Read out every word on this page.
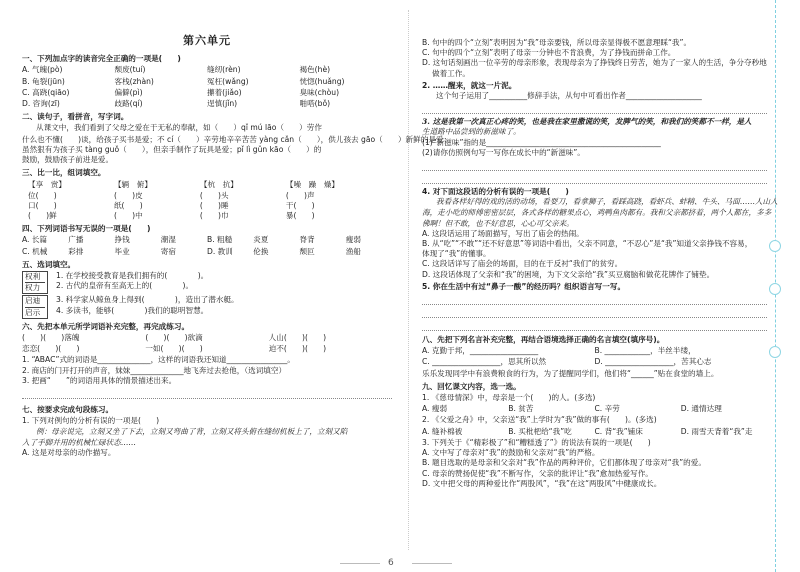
第六单元
一、下列加点字的读音完全正确的一项是(　　)
A. 气魄(pò)	颓废(tuí)	缝纫(rèn)	褐色(hè)
B. 龟裂(jūn)	客栈(zhàn)	冤枉(wǎng)	恍惚(huǎng)
C. 高跷(qiāo)	偏僻(pì)	攥着(jiǎo)	臭味(chòu)
D. 咨询(zī)	歧路(qí)	逞慎(jǐn)	啪嗒(bǒ)
二、读句子，看拼音，写字词。
从课文中，我们看到了父母之爱在于无私的奉献，如（　　）qǐ mú lāo（　　）劳作
什么也不懂(　　)谈，给孩子买书是爱；不 cí（　　）辛劳地辛辛苦苦 yàng cǎn（　　），供儿孩去 gāo（　　）新鲜的是爱；
虽然狠有为孩子买 tàng guǒ（　　），但亲手制作了玩具是爱；pǐ lì gǔn kāo（　　）的
鼓励，鼓励孩子前进是爱。
三、比一比，组词填空。
【享　赏】	【辆　俯】	【杭　抗】	【噪　躁　燥】
位(　　)	(　　)皮	(　　)头	(　　)声
口(　　)	纸(　　)	(　　)睡	干(　　)
(　　)鲜	(　　)中	(　　)巾	暴(　　)
四、下列词语书写无误的一项是(　　)
A. 长篇	广播	挣钱	潮湿	B. 粗糙	炎夏	脊背	瘦弱
C. 机械	彩排	毕业	寄宿	D. 教训	伦换	颓叵	渔船
五、选词填空。
权利
权力
1. 在学校接受教育是我们拥有的(　　　　)。
2. 古代的皇帝有至高无上的(　　　　)。
启迪
启示
3. 科学家从鲸鱼身上得到(　　　　)，造出了潜水艇。
4. 多读书，能够(　　　　)我们的聪明智慧。
六、先把本单元所学词语补充完整，再完成练习。
(　　)(　　)落魄	(　　)(　　)欲滴	人山(　　)(　　)
恋恋(　　)(　　)	一如(　　)(　　)	迫不(　　)(　　)
1. “ABAC”式的词语是______________，这样的词语我还知道________________。
2. 商店的门开打开的声音，妹妹______________地飞奔过去抢他，（选词填空）
3. 把画“　　”的词语用具体的情景描述出来。
七、按要求完成句段练习。
1. 下列对例句的分析有误的一项是(　　)
例：母亲说完，立刻又坐了下去，立刻又弯曲了背，立刻又将头俯在缝纫机板上了，立刻又陷
入了手脚并用的机械忙碌状态……
A. 这是对母亲的动作描写。
B. 句中的四个“立刻”表明因为“我”母亲要钱，所以母亲显得极不愿意理睬“我”。
C. 句中的四个“立刻”表明了母亲一分钟也不肯浪费，为了挣钱而拼命工作。
D. 这句话刻画出一位辛劳的母亲形象，表现母亲为了挣钱终日劳苦，她为了一家人的生活，争分夺秒地
做着工作。
2. ……醒来，就这一片泥。
这个句子运用了__________修辞手法，从句中可看出作者____________________
3. 这是我第一次真正心疼的笑，也是我在家里撒谎的笑，发脾气的笑，和我们的笑都不一样，是人
生道路中品尝到的新滋味了。
(1)“新滋味”指的是______________________________________________
(2)请你仿照例句写一写你在成长中的“新滋味”。
4. 对下面这段话的分析有误的一项是(　　)
我看各样好得的戏的活的动场，看耍刀，看拿狮子，看踩高跷，看虾兵、蚌精、牛头、马面……人山人
海，走小吃的师傅密密层层，各式各样的糖果点心，鸡鸭鱼肉都有。我和父亲都挤着，两个人都在，多多
佛啊！但不敢，也不好意思，心心可父亲来。
A. 这段话运用了场面描写，写出了庙会的热闹。
B. 从“吃”“不敢”“还不好意思”等词语中看出，父亲不同意，“不忍心”是“我”知道父亲挣钱不容易，
体现了“我”的懂事。
C. 这段话详写了庙会的场面，目的在于反衬“我们”的贫穷。
D. 这段话体现了父亲和“我”的困境，为下文父亲给“我”买豆腐脑和做花花牌作了铺垫。
5. 你在生活中有过“鼻子一酸”的经历吗？组织语言写一写。
八、先把下列名言补充完整，再结合语境选择正确的名言填空(填序号)。
A. 克勤于邦，__________________	B. ____________，半丝半缕，
C. __________________，思其所以然	D. __________________，苦其心志
乐乐发现同学中有浪费粮食的行为，为了提醒同学们，他们将“______”贴在食堂的墙上。
九、回忆课文内容，选一选。
1. 《慈母情深》中，母亲是一个(　　)的人。(多选)
A. 瘦弱	B. 贫苦	C. 辛劳	D. 通情达理
2. 《父爱之舟》中，父亲送“我”上学时为“我”做的事有(　　)。(多选)
A. 缝补棉被	B. 买枇杷给“我”吃	C. 背“我”铺床	D. 雨雪天背着“我”走
3. 下列关于《“精彩极了”和“糟糕透了”》的说法有误的一项是(　　)
A. 文中写了母亲对“我”的鼓励和父亲对“我”的严格。
B. 题目选取的是母亲和父亲对“我”作品的两种评价，它们都体现了母亲对“我”的爱。
C. 母亲的赞扬促使“我”不断写作，父亲的批评让“我”愈加热爱写作。
D. 文中把父母的两种爱比作“两股风”，“我”在这“两股风”中健康成长。
6
